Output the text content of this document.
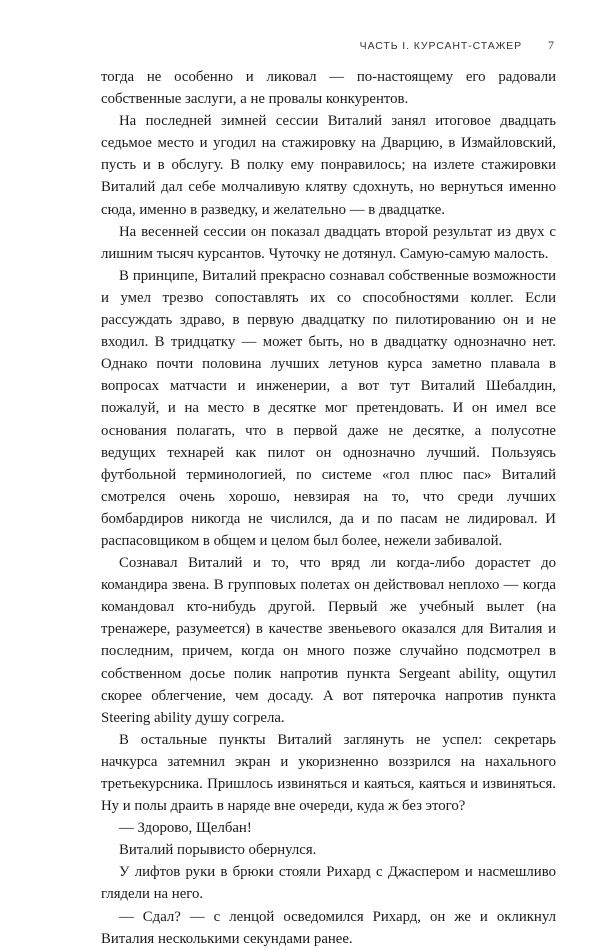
ЧАСТЬ I. КУРСАНТ-СТАЖЕР 7

тогда не особенно и ликовал — по-настоящему его радовали собственные заслуги, а не провалы конкурентов.

На последней зимней сессии Виталий занял итоговое двадцать седьмое место и угодил на стажировку на Дварцию, в Измайловский, пусть и в обслугу. В полку ему понравилось; на излете стажировки Виталий дал себе молчаливую клятву сдохнуть, но вернуться именно сюда, именно в разведку, и желательно — в двадцатке.

На весенней сессии он показал двадцать второй результат из двух с лишним тысяч курсантов. Чуточку не дотянул. Самую-самую малость.

В принципе, Виталий прекрасно сознавал собственные возможности и умел трезво сопоставлять их со способностями коллег. Если рассуждать здраво, в первую двадцатку по пилотированию он и не входил. В тридцатку — может быть, но в двадцатку однозначно нет. Однако почти половина лучших летунов курса заметно плавала в вопросах матчасти и инженерии, а вот тут Виталий Шебалдин, пожалуй, и на место в десятке мог претендовать. И он имел все основания полагать, что в первой даже не десятке, а полусотне ведущих технарей как пилот он однозначно лучший. Пользуясь футбольной терминологией, по системе «гол плюс пас» Виталий смотрелся очень хорошо, невзирая на то, что среди лучших бомбардиров никогда не числился, да и по пасам не лидировал. И распасовщиком в общем и целом был более, нежели забивалой.

Сознавал Виталий и то, что вряд ли когда-либо дорастет до командира звена. В групповых полетах он действовал неплохо — когда командовал кто-нибудь другой. Первый же учебный вылет (на тренажере, разумеется) в качестве звеньевого оказался для Виталия и последним, причем, когда он много позже случайно подсмотрел в собственном досье полик напротив пункта Sergeant ability, ощутил скорее облегчение, чем досаду. А вот пятерочка напротив пункта Steering ability душу согрела.

В остальные пункты Виталий заглянуть не успел: секретарь начкурса затемнил экран и укоризненно воззрился на нахального третьекурсника. Пришлось извиняться и каяться, каяться и извиняться. Ну и полы драить в наряде вне очереди, куда ж без этого?

— Здорово, Щелбан!

Виталий порывисто обернулся.

У лифтов руки в брюки стояли Рихард с Джаспером и насмешливо глядели на него.

— Сдал? — с ленцой осведомился Рихард, он же и окликнул Виталия несколькими секундами ранее.
